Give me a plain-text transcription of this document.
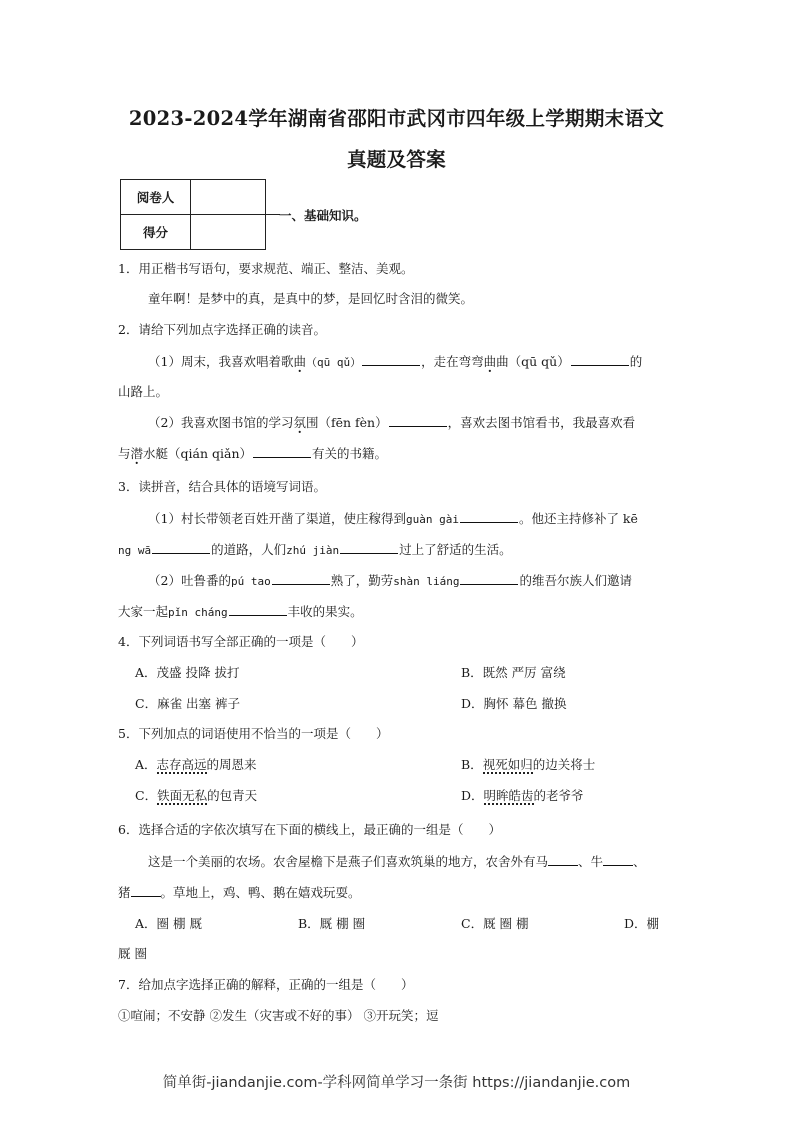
2023-2024学年湖南省邵阳市武冈市四年级上学期期末语文
真题及答案
阅卷人	
得分	
一、基础知识。
1．用正楷书写语句，要求规范、端正、整洁、美观。
童年啊！是梦中的真，是真中的梦，是回忆时含泪的微笑。
2．请给下列加点字选择正确的读音。
（1）周末，我喜欢唱着歌曲（qū qǔ）	，走在弯弯曲曲（qū qǔ）	的
山路上。
（2）我喜欢图书馆的学习氛围（fēn fèn）	，喜欢去图书馆看书，我最喜欢看
与潜水艇（qián qiǎn）	有关的书籍。
3．读拼音，结合具体的语境写词语。
（1）村长带领老百姓开凿了渠道，使庄稼得到guàn gài	。他还主持修补了 kē
ng wā	的道路，人们zhú jiàn	过上了舒适的生活。
（2）吐鲁番的pú tao	熟了，勤劳shàn liáng	的维吾尔族人们邀请
大家一起pǐn cháng	丰收的果实。
4．下列词语书写全部正确的一项是（　　）
A．茂盛 投降 拔打	B．既然 严厉 富绕
C．麻雀 出塞 裤子	D．胸怀 幕色 撤换
5．下列加点的词语使用不恰当的一项是（　　）
A．志存高远的周恩来	B．视死如归的边关将士
C．铁面无私的包青天	D．明眸皓齿的老爷爷
6．选择合适的字依次填写在下面的横线上，最正确的一组是（　　）
这是一个美丽的农场。农舍屋檐下是燕子们喜欢筑巢的地方，农舍外有马 、牛 、
猪 。草地上，鸡、鸭、鹅在嬉戏玩耍。
A．圈 棚 厩	B．厩 棚 圈	C．厩 圈 棚	D．棚
厩 圈
7．给加点字选择正确的解释，正确的一组是（　　）
①喧闹；不安静 ②发生（灾害或不好的事） ③开玩笑；逗
简单街-jiandanjie.com-学科网简单学习一条街 https://jiandanjie.com
